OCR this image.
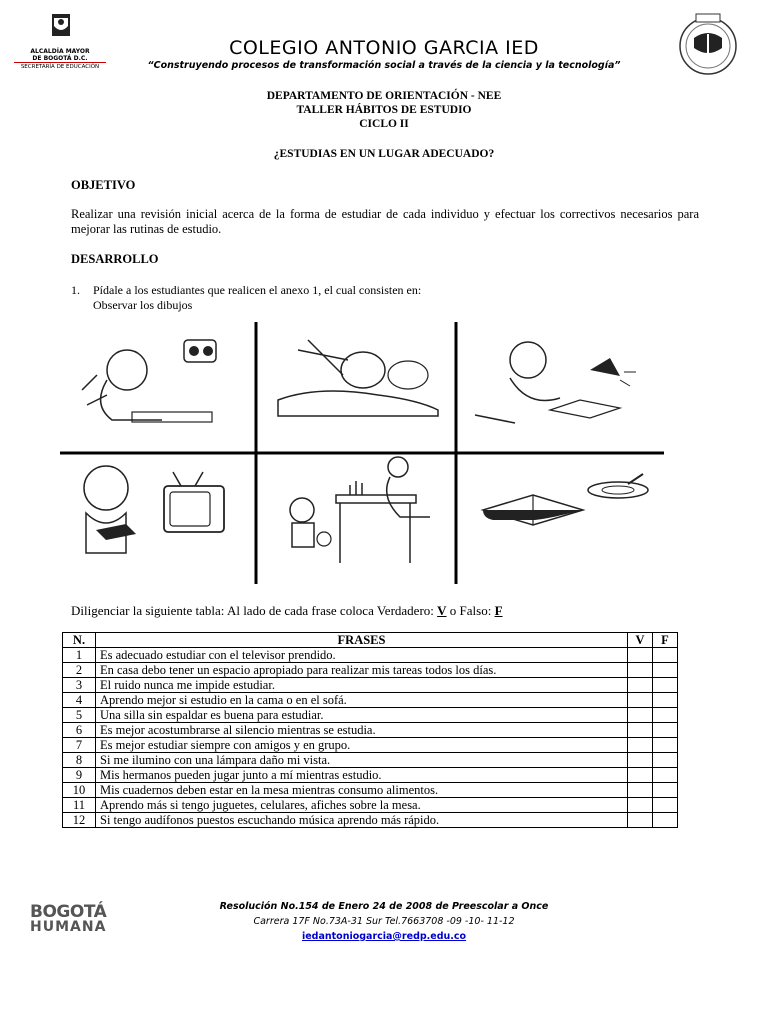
ALCALDÍA MAYOR
DE BOGOTÁ D.C.
SECRETARÍA DE EDUCACIÓN
COLEGIO ANTONIO GARCIA IED
“Construyendo procesos de transformación social a través de la ciencia y la tecnología”
DEPARTAMENTO DE ORIENTACIÓN - NEE
TALLER HÁBITOS DE ESTUDIO
CICLO II
¿ESTUDIAS EN UN LUGAR ADECUADO?
OBJETIVO
Realizar una revisión inicial acerca de la forma de estudiar de cada individuo y efectuar los correctivos necesarios para mejorar las rutinas de estudio.
DESARROLLO
1. Pídale a los estudiantes que realicen el anexo 1, el cual consisten en:
Observar los dibujos
Diligenciar la siguiente tabla: Al lado de cada frase coloca Verdadero: V o Falso: F
N.	FRASES	V	F
1	Es adecuado estudiar con el televisor prendido.		
2	En casa debo tener un espacio apropiado para realizar mis tareas todos los días.		
3	El ruido nunca me impide estudiar.		
4	Aprendo mejor si estudio en la cama o en el sofá.		
5	Una silla sin espaldar es buena para estudiar.		
6	Es mejor acostumbrarse al silencio mientras se estudia.		
7	Es mejor estudiar siempre con amigos y en grupo.		
8	Si me ilumino con una lámpara daño mi vista.		
9	Mis hermanos pueden jugar junto a mí mientras estudio.		
10	Mis cuadernos deben estar en la mesa mientras consumo alimentos.		
11	Aprendo más si tengo juguetes, celulares, afiches sobre la mesa.		
12	Si tengo audífonos puestos escuchando música aprendo más rápido.		
BOGOTÁ
HUMANA
Resolución No.154 de Enero 24 de 2008 de Preescolar a Once
Carrera 17F No.73A-31 Sur Tel.7663708 -09 -10- 11-12
iedantoniogarcia@redp.edu.co
